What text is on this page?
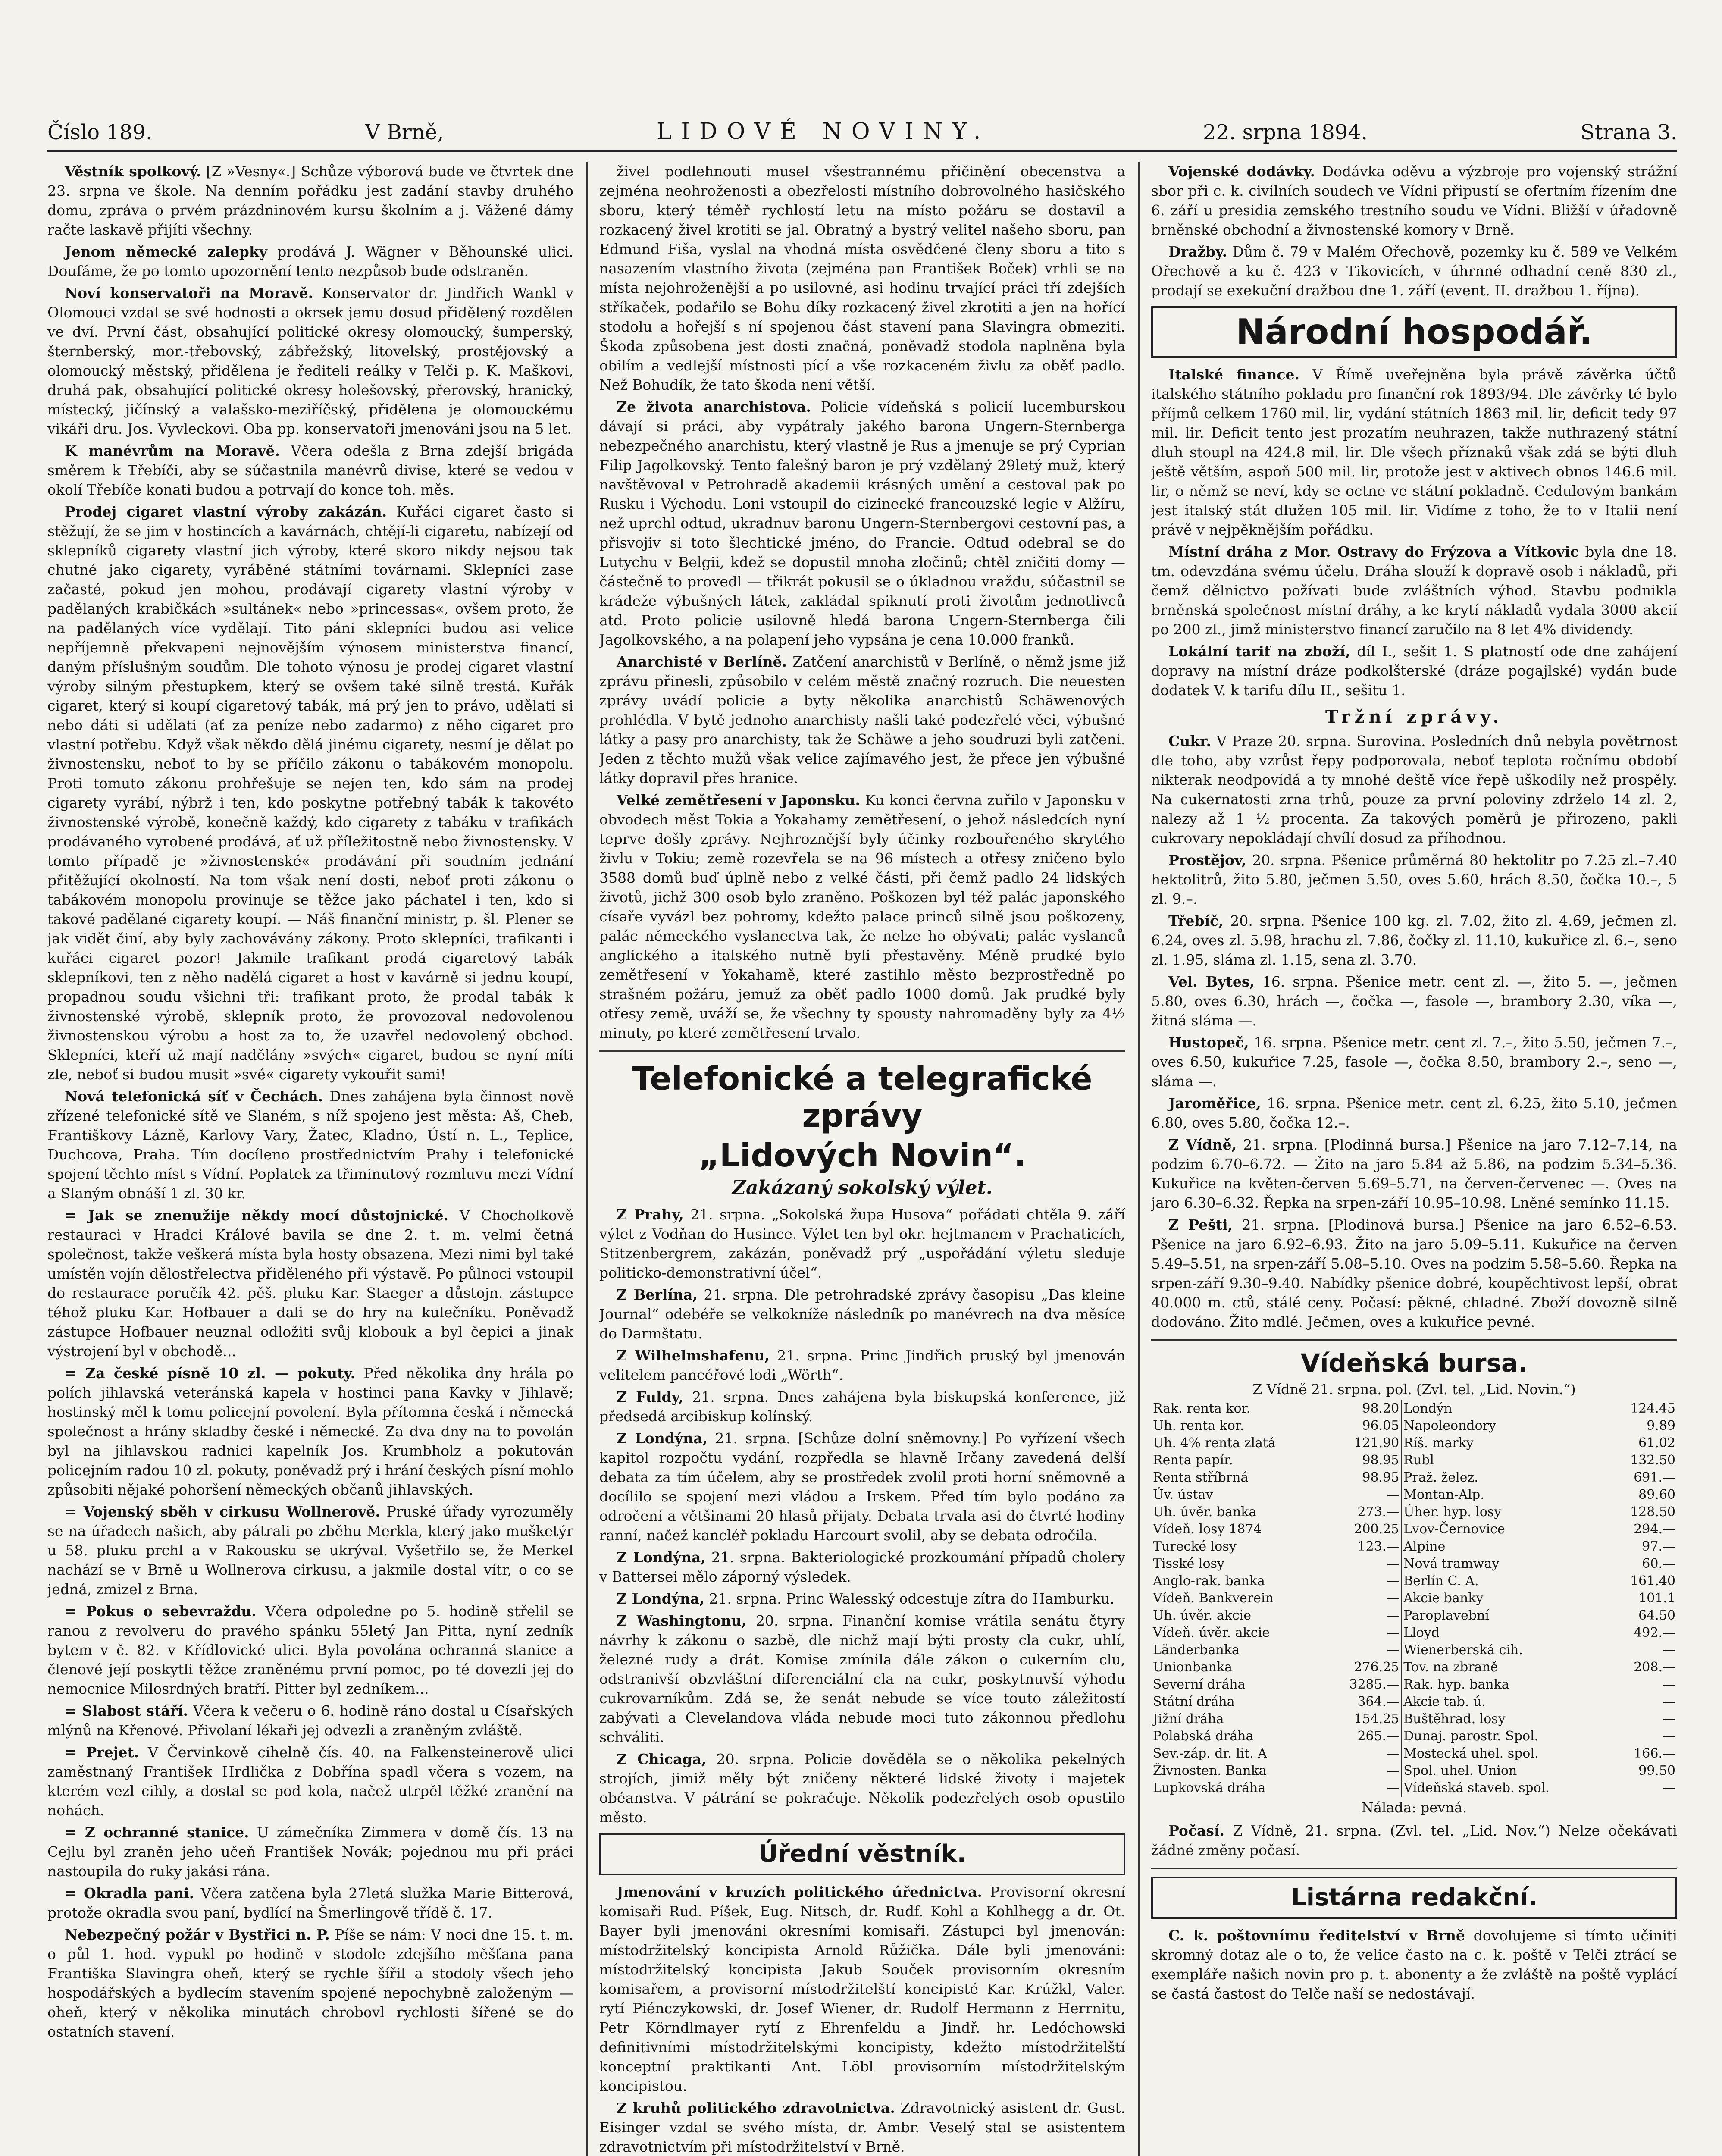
Číslo 189.	V Brně,	LIDOVÉ NOVINY.	22. srpna 1894.	Strana 3.

Věstník spolkový. [Z »Vesny«.] Schůze výborová bude ve čtvrtek dne 23. srpna ve škole. Na denním pořádku jest zadání stavby druhého domu, zpráva o prvém prázdninovém kursu školním a j. Vážené dámy račte laskavě přijíti všechny.

Jenom německé zalepky prodává J. Wägner v Běhounské ulici. Doufáme, že po tomto upozornění tento nezpůsob bude odstraněn.

Noví konservatoři na Moravě. Konservator dr. Jindřich Wankl v Olomouci vzdal se své hodnosti a okrsek jemu dosud přidělený rozdělen ve dví. První část, obsahující politické okresy olomoucký, šumperský, šternberský, mor.-třebovský, zábřežský, litovelský, prostějovský a olomoucký městský, přidělena je řediteli reálky v Telči p. K. Maškovi, druhá pak, obsahující politické okresy holešovský, přerovský, hranický, místecký, jičínský a valašsko-meziříčský, přidělena je olomouckému vikáři dru. Jos. Vyvleckovi. Oba pp. konservatoři jmenováni jsou na 5 let.

K manévrům na Moravě. Včera odešla z Brna zdejší brigáda směrem k Třebíči, aby se súčastnila manévrů divise, které se vedou v okolí Třebíče konati budou a potrvají do konce toh. měs.

Prodej cigaret vlastní výroby zakázán. Kuřáci cigaret často si stěžují, že se jim v hostincích a kavárnách, chtějí-li cigaretu, nabízejí od sklepníků cigarety vlastní jich výroby, které skoro nikdy nejsou tak chutné jako cigarety, vyráběné státními továrnami. Sklepníci zase začasté, pokud jen mohou, prodávají cigarety vlastní výroby v padělaných krabičkách »sultánek« nebo »princessas«, ovšem proto, že na padělaných více vydělají. Tito páni sklepníci budou asi velice nepříjemně překvapeni nejnovějším výnosem ministerstva financí, daným příslušným soudům. Dle tohoto výnosu je prodej cigaret vlastní výroby silným přestupkem, který se ovšem také silně trestá. Kuřák cigaret, který si koupí cigaretový tabák, má prý jen to právo, udělati si nebo dáti si udělati (ať za peníze nebo zadarmo) z něho cigaret pro vlastní potřebu. Když však někdo dělá jinému cigarety, nesmí je dělat po živnostensku, neboť to by se příčilo zákonu o tabákovém monopolu. Proti tomuto zákonu prohřešuje se nejen ten, kdo sám na prodej cigarety vyrábí, nýbrž i ten, kdo poskytne potřebný tabák k takovéto živnostenské výrobě, konečně každý, kdo cigarety z tabáku v trafikách prodávaného vyrobené prodává, ať už příležitostně nebo živnostensky. V tomto případě je »živnostenské« prodávání při soudním jednání přitěžující okolností. Na tom však není dosti, neboť proti zákonu o tabákovém monopolu provinuje se těžce jako páchatel i ten, kdo si takové padělané cigarety koupí. — Náš finanční ministr, p. šl. Plener se jak vidět činí, aby byly zachovávány zákony. Proto sklepníci, trafikanti i kuřáci cigaret pozor! Jakmile trafikant prodá cigaretový tabák sklepníkovi, ten z něho nadělá cigaret a host v kavárně si jednu koupí, propadnou soudu všichni tři: trafikant proto, že prodal tabák k živnostenské výrobě, sklepník proto, že provozoval nedovolenou živnostenskou výrobu a host za to, že uzavřel nedovolený obchod. Sklepníci, kteří už mají nadělány »svých« cigaret, budou se nyní míti zle, neboť si budou musit »své« cigarety vykouřit sami!

Nová telefonická síť v Čechách. Dnes zahájena byla činnost nově zřízené telefonické sítě ve Slaném, s níž spojeno jest města: Aš, Cheb, Františkovy Lázně, Karlovy Vary, Žatec, Kladno, Ústí n. L., Teplice, Duchcova, Praha. Tím docíleno prostřednictvím Prahy i telefonické spojení těchto míst s Vídní. Poplatek za třiminutový rozmluvu mezi Vídní a Slaným obnáší 1 zl. 30 kr.

= Jak se znenužije někdy mocí důstojnické. V Chocholkově restauraci v Hradci Králové bavila se dne 2. t. m. velmi četná společnost, takže veškerá místa byla hosty obsazena. Mezi nimi byl také umístěn vojín dělostřelectva přiděleného při výstavě. Po půlnoci vstoupil do restaurace poručík 42. pěš. pluku Kar. Staeger a důstojn. zástupce téhož pluku Kar. Hofbauer a dali se do hry na kulečníku. Poněvadž zástupce Hofbauer neuznal odložiti svůj klobouk a byl čepici a jinak výstrojení byl v obchodě...

= Za české písně 10 zl. — pokuty. Před několika dny hrála po polích jihlavská veteránská kapela v hostinci pana Kavky v Jihlavě; hostinský měl k tomu policejní povolení. Byla přítomna česká i německá společnost a hrány skladby české i německé. Za dva dny na to povolán byl na jihlavskou radnici kapelník Jos. Krumbholz a pokutován policejním radou 10 zl. pokuty, poněvadž prý i hrání českých písní mohlo způsobiti nějaké pohoršení německých občanů jihlavských.

= Vojenský sběh v cirkusu Wollnerově. Pruské úřady vyrozuměly se na úřadech našich, aby pátrali po zběhu Merkla, který jako mušketýr u 58. pluku prchl a v Rakousku se ukrýval. Vyšetřilo se, že Merkel nachází se v Brně u Wollnerova cirkusu, a jakmile dostal vítr, o co se jedná, zmizel z Brna.

= Pokus o sebevraždu. Včera odpoledne po 5. hodině střelil se ranou z revolveru do pravého spánku 55letý Jan Pitta, nyní zedník bytem v č. 82. v Křídlovické ulici. Byla povolána ochranná stanice a členové její poskytli těžce zraněnému první pomoc, po té dovezli jej do nemocnice Milosrdných bratří. Pitter byl zedníkem...

= Slabost stáří. Včera k večeru o 6. hodině ráno dostal u Císařských mlýnů na Křenové. Přivolaní lékaři jej odvezli a zraněným zvláště.

= Prejet. V Červinkově cihelně čís. 40. na Falkensteinerově ulici zaměstnaný František Hrdlička z Dobřína spadl včera s vozem, na kterém vezl cihly, a dostal se pod kola, načež utrpěl těžké zranění na nohách.

= Z ochranné stanice. U zámečníka Zimmera v domě čís. 13 na Cejlu byl zraněn jeho učeň František Novák; pojednou mu při práci nastoupila do ruky jakási rána.

= Okradla pani. Včera zatčena byla 27letá služka Marie Bitterová, protože okradla svou paní, bydlící na Šmerlingově třídě č. 17.

Nebezpečný požár v Bystřici n. P. Píše se nám: V noci dne 15. t. m. o půl 1. hod. vypukl po hodině v stodole zdejšího měšťana pana Františka Slavingra oheň, který se rychle šířil a stodoly všech jeho hospodářských a bydlecím stavením spojené nepochybně založeným — oheň, který v několika minutách chrobovl rychlosti šířené se do ostatních stavení.

živel podlehnouti musel všestrannému přičinění obecenstva a zejména neohroženosti a obezřelosti místního dobrovolného hasičského sboru, který téměř rychlostí letu na místo požáru se dostavil a rozkacený živel krotiti se jal. Obratný a bystrý velitel našeho sboru, pan Edmund Fiša, vyslal na vhodná místa osvědčené členy sboru a tito s nasazením vlastního života (zejména pan František Boček) vrhli se na místa nejohroženější a po usilovné, asi hodinu trvající práci tří zdejších stříkaček, podařilo se Bohu díky rozkacený živel zkrotiti a jen na hořící stodolu a hořejší s ní spojenou část stavení pana Slavingra obmeziti. Škoda způsobena jest dosti značná, poněvadž stodola naplněna byla obilím a vedlejší místnosti pící a vše rozkaceném živlu za oběť padlo. Než Bohudík, že tato škoda není větší.

Ze života anarchistova. Policie vídeňská s policií lucemburskou dávají si práci, aby vypátraly jakého barona Ungern-Sternberga nebezpečného anarchistu, který vlastně je Rus a jmenuje se prý Cyprian Filip Jagolkovský. Tento falešný baron je prý vzdělaný 29letý muž, který navštěvoval v Petrohradě akademii krásných umění a cestoval pak po Rusku i Východu. Loni vstoupil do cizinecké francouzské legie v Alžíru, než uprchl odtud, ukradnuv baronu Ungern-Sternbergovi cestovní pas, a přisvojiv si toto šlechtické jméno, do Francie. Odtud odebral se do Lutychu v Belgii, kdež se dopustil mnoha zločinů; chtěl zničiti domy — částečně to provedl — třikrát pokusil se o úkladnou vraždu, súčastnil se krádeže výbušných látek, zakládal spiknutí proti životům jednotlivců atd. Proto policie usilovně hledá barona Ungern-Sternberga čili Jagolkovského, a na polapení jeho vypsána je cena 10.000 franků.

Anarchisté v Berlíně. Zatčení anarchistů v Berlíně, o němž jsme již zprávu přinesli, způsobilo v celém městě značný rozruch. Die neuesten zprávy uvádí policie a byty několika anarchistů Schäwenových prohlédla. V bytě jednoho anarchisty našli také podezřelé věci, výbušné látky a pasy pro anarchisty, tak že Schäwe a jeho soudruzi byli zatčeni. Jeden z těchto mužů však velice zajímavého jest, že přece jen výbušné látky dopravil přes hranice.

Velké zemětřesení v Japonsku. Ku konci června zuřilo v Japonsku v obvodech měst Tokia a Yokahamy zemětřesení, o jehož následcích nyní teprve došly zprávy. Nejhroznější byly účinky rozbouřeného skrytého živlu v Tokiu; země rozevřela se na 96 místech a otřesy zničeno bylo 3588 domů buď úplně nebo z velké části, při čemž padlo 24 lidských životů, jichž 300 osob bylo zraněno. Poškozen byl též palác japonského císaře vyvázl bez pohromy, kdežto palace princů silně jsou poškozeny, palác německého vyslanectva tak, že nelze ho obývati; palác vyslanců anglického a italského nutně byli přestavěny. Méně prudké bylo zemětřesení v Yokahamě, které zastihlo město bezprostředně po strašném požáru, jemuž za oběť padlo 1000 domů. Jak prudké byly otřesy země, uváží se, že všechny ty spousty nahromaděny byly za 4½ minuty, po které zemětřesení trvalo.

Telefonické a telegrafické zprávy
„Lidových Novin“.
Zakázaný sokolský výlet.

Z Prahy, 21. srpna. „Sokolská župa Husova“ pořádati chtěla 9. září výlet z Vodňan do Husince. Výlet ten byl okr. hejtmanem v Prachaticích, Stitzenbergrem, zakázán, poněvadž prý „uspořádání výletu sleduje politicko-demonstrativní účel“.

Z Berlína, 21. srpna. Dle petrohradské zprávy časopisu „Das kleine Journal“ odebéře se velkokníže následník po manévrech na dva měsíce do Darmštatu.

Z Wilhelmshafenu, 21. srpna. Princ Jindřich pruský byl jmenován velitelem pancéřové lodi „Wörth“.

Z Fuldy, 21. srpna. Dnes zahájena byla biskupská konference, již předsedá arcibiskup kolínský.

Z Londýna, 21. srpna. [Schůze dolní sněmovny.] Po vyřízení všech kapitol rozpočtu vydání, rozpředla se hlavně Irčany zavedená delší debata za tím účelem, aby se prostředek zvolil proti horní sněmovně a docílilo se spojení mezi vládou a Irskem. Před tím bylo podáno za odročení a většinami 20 hlasů přijaty. Debata trvala asi do čtvrté hodiny ranní, načež kancléř pokladu Harcourt svolil, aby se debata odročila.

Z Londýna, 21. srpna. Bakteriologické prozkoumání případů cholery v Battersei mělo záporný výsledek.

Z Londýna, 21. srpna. Princ Walesský odcestuje zítra do Hamburku.

Z Washingtonu, 20. srpna. Finanční komise vrátila senátu čtyry návrhy k zákonu o sazbě, dle nichž mají býti prosty cla cukr, uhlí, železné rudy a drát. Komise zmínila dále zákon o cukerním clu, odstranivší obzvláštní diferenciální cla na cukr, poskytnuvší výhodu cukrovarníkům. Zdá se, že senát nebude se více touto záležitostí zabývati a Clevelandova vláda nebude moci tuto zákonnou předlohu schváliti.

Z Chicaga, 20. srpna. Policie dověděla se o několika pekelných strojích, jimiž měly být zničeny některé lidské životy i majetek obéanstva. V pátrání se pokračuje. Několik podezřelých osob opustilo město.

Úřední věstník.

Jmenování v kruzích politického úřednictva. Provisorní okresní komisaři Rud. Píšek, Eug. Nitsch, dr. Rudf. Kohl a Kohlhegg a dr. Ot. Bayer byli jmenováni okresními komisaři. Zástupci byl jmenován: místodržitelský koncipista Arnold Růžička. Dále byli jmenováni: místodržitelský koncipista Jakub Souček provisorním okresním komisařem, a provisorní místodržitelští koncipisté Kar. Krúžkl, Valer. rytí Piénczykowski, dr. Josef Wiener, dr. Rudolf Hermann z Herrnitu, Petr Körndlmayer rytí z Ehrenfeldu a Jindř. hr. Ledóchowski definitivními místodržitelskými koncipisty, kdežto místodržitelští konceptní praktikanti Ant. Löbl provisorním místodržitelským koncipistou.

Z kruhů politického zdravotnictva. Zdravotnický asistent dr. Gust. Eisinger vzdal se svého místa, dr. Ambr. Veselý stal se asistentem zdravotnictvím při místodržitelství v Brně.

Vojenské dodávky. Dodávka oděvu a výzbroje pro vojenský strážní sbor při c. k. civilních soudech ve Vídni připustí se ofertním řízením dne 6. září u presidia zemského trestního soudu ve Vídni. Bližší v úřadovně brněnské obchodní a živnostenské komory v Brně.

Dražby. Dům č. 79 v Malém Ořechově, pozemky ku č. 589 ve Velkém Ořechově a ku č. 423 v Tikovicích, v úhrnné odhadní ceně 830 zl., prodají se exekuční dražbou dne 1. září (event. II. dražbou 1. října).

Národní hospodář.

Italské finance. V Římě uveřejněna byla právě závěrka účtů italského státního pokladu pro finanční rok 1893/94. Dle závěrky té bylo příjmů celkem 1760 mil. lir, vydání státních 1863 mil. lir, deficit tedy 97 mil. lir. Deficit tento jest prozatím neuhrazen, takže nuthrazený státní dluh stoupl na 424.8 mil. lir. Dle všech příznaků však zdá se býti dluh ještě větším, aspoň 500 mil. lir, protože jest v aktivech obnos 146.6 mil. lir, o němž se neví, kdy se octne ve státní pokladně. Cedulovým bankám jest italský stát dlužen 105 mil. lir. Vidíme z toho, že to v Italii není právě v nejpěknějším pořádku.

Místní dráha z Mor. Ostravy do Frýzova a Vítkovic byla dne 18. tm. odevzdána svému účelu. Dráha slouží k dopravě osob i nákladů, při čemž dělnictvo požívati bude zvláštních výhod. Stavbu podnikla brněnská společnost místní dráhy, a ke krytí nákladů vydala 3000 akcií po 200 zl., jimž ministerstvo financí zaručilo na 8 let 4% dividendy.

Lokální tarif na zboží, díl I., sešit 1. S platností ode dne zahájení dopravy na místní dráze podkolšterské (dráze pogajlské) vydán bude dodatek V. k tarifu dílu II., sešitu 1.

Tržní zprávy.

Cukr. V Praze 20. srpna. Surovina. Posledních dnů nebyla povětrnost dle toho, aby vzrůst řepy podporovala, neboť teplota ročnímu období nikterak neodpovídá a ty mnohé deště více řepě uškodily než prospěly. Na cukernatosti zrna trhů, pouze za první poloviny zdrželo 14 zl. 2, nalezy až 1 ½ procenta. Za takových poměrů je přirozeno, pakli cukrovary nepokládají chvílí dosud za příhodnou.

Prostějov, 20. srpna. Pšenice průměrná 80 hektolitr po 7.25 zl.–7.40 hektolitrů, žito 5.80, ječmen 5.50, oves 5.60, hrách 8.50, čočka 10.–, 5 zl. 9.–.

Třebíč, 20. srpna. Pšenice 100 kg. zl. 7.02, žito zl. 4.69, ječmen zl. 6.24, oves zl. 5.98, hrachu zl. 7.86, čočky zl. 11.10, kukuřice zl. 6.–, seno zl. 1.95, sláma zl. 1.15, sena zl. 3.70.

Vel. Bytes, 16. srpna. Pšenice metr. cent zl. —, žito 5. —, ječmen 5.80, oves 6.30, hrách —, čočka —, fasole —, brambory 2.30, víka —, žitná sláma —.

Hustopeč, 16. srpna. Pšenice metr. cent zl. 7.–, žito 5.50, ječmen 7.–, oves 6.50, kukuřice 7.25, fasole —, čočka 8.50, brambory 2.–, seno —, sláma —.

Jaroměřice, 16. srpna. Pšenice metr. cent zl. 6.25, žito 5.10, ječmen 6.80, oves 5.80, čočka 12.–.

Z Vídně, 21. srpna. [Plodinná bursa.] Pšenice na jaro 7.12–7.14, na podzim 6.70–6.72. — Žito na jaro 5.84 až 5.86, na podzim 5.34–5.36. Kukuřice na květen-červen 5.69–5.71, na červen-červenec —. Oves na jaro 6.30–6.32. Řepka na srpen-září 10.95–10.98. Lněné semínko 11.15.

Z Pešti, 21. srpna. [Plodinová bursa.] Pšenice na jaro 6.52–6.53. Pšenice na jaro 6.92–6.93. Žito na jaro 5.09–5.11. Kukuřice na červen 5.49–5.51, na srpen-září 5.08–5.10. Oves na podzim 5.58–5.60. Řepka na srpen-září 9.30–9.40. Nabídky pšenice dobré, koupěchtivost lepší, obrat 40.000 m. ctů, stálé ceny. Počasí: pěkné, chladné. Zboží dovozně silně dodováno. Žito mdlé. Ječmen, oves a kukuřice pevné.

Vídeňská bursa.
Z Vídně 21. srpna. pol. (Zvl. tel. „Lid. Novin.“)
Rak. renta kor.	98.20	Londýn	124.45
Uh. renta kor.	96.05	Napoleondory	9.89
Uh. 4% renta zlatá	121.90	Ríš. marky	61.02
Renta papír.	98.95	Rubl	132.50
Renta stříbrná	98.95	Praž. želez.	691.—
Úv. ústav	—	Montan-Alp.	89.60
Uh. úvěr. banka	273.—	Úher. hyp. losy	128.50
Vídeň. losy 1874	200.25	Lvov-Černovice	294.—
Turecké losy	123.—	Alpine	97.—
Tisské losy	—	Nová tramway	60.—
Anglo-rak. banka	—	Berlín C. A.	161.40
Vídeň. Bankverein	—	Akcie banky	101.1
Uh. úvěr. akcie	—	Paroplavební	64.50
Vídeň. úvěr. akcie	—	Lloyd	492.—
Länderbanka	—	Wienerberská cih.	—
Unionbanka	276.25	Tov. na zbraně	208.—
Severní dráha	3285.—	Rak. hyp. banka	—
Státní dráha	364.—	Akcie tab. ú.	—
Jižní dráha	154.25	Buštěhrad. losy	—
Polabská dráha	265.—	Dunaj. parostr. Spol.	—
Sev.-záp. dr. lit. A	—	Mostecká uhel. spol.	166.—
Živnosten. Banka	—	Spol. uhel. Union	99.50
Lupkovská dráha	—	Vídeňská staveb. spol.	—
Nálada: pevná.

Počasí. Z Vídně, 21. srpna. (Zvl. tel. „Lid. Nov.“) Nelze očekávati žádné změny počasí.

Listárna redakční.

C. k. poštovnímu ředitelství v Brně dovolujeme si tímto učiniti skromný dotaz ale o to, že velice často na c. k. poště v Telči ztrácí se exempláře našich novin pro p. t. abonenty a že zvláště na poště vyplácí se častá častost do Telče naší se nedostávají.
